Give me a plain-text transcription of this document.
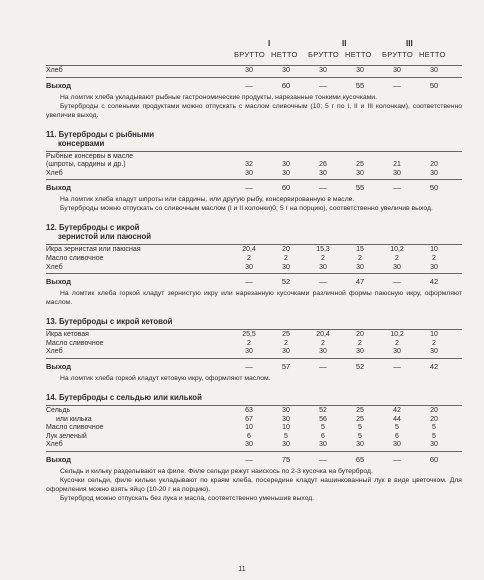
I	II	III
БРУТТО НЕТТО БРУТТО НЕТТО БРУТТО НЕТТО
Хлеб	30	30	30	30	30	30
Выход	—	60	—	55	—	50

На ломтик хлеба укладывают рыбные гастрономические продукты, нарезанные тонкими кусочками.

Бутерброды с солеными продуктами можно отпускать с маслом сливочным (10; 5 г по I, II и III колонкам), соответственно увеличив выход.

11. Бутерброды с рыбными
консервами
Рыбные консервы в масле
(шпроты, сардины и др.)	32	30	26	25	21	20
Хлеб	30	30	30	30	30	30
Выход	—	60	—	55	—	50

На ломтик хлеба кладут шпроты или сардины, или другую рыбу, консервированную в масле.

Бутерброды можно отпускать со сливочным маслом (I и II колонки)0; 5 г на порцию), соответственно увеличив выход.

12. Бутерброды с икрой
зернистой или паюсной
Икра зернистая или паюсная	20,4	20	15,3	15	10,2	10
Масло сливочное	2	2	2	2	2	2
Хлеб	30	30	30	30	30	30
Выход	—	52	—	47	—	42

На ломтик хлеба горкой кладут зернистую икру или нарезанную кусочками различной формы паюсную икру, оформляют маслом.

13. Бутерброды с икрой кетовой
Икра кетовая	25,5	25	20,4	20	10,2	10
Масло сливочное	2	2	2	2	2	2
Хлеб	30	30	30	30	30	30
Выход	—	57	—	52	—	42

На ломтик хлеба горкой кладут кетовую икру, оформляют маслом.

14. Бутерброды с сельдью или килькой
Сельдь	63	30	52	25	42	20
или килька	67	30	56	25	44	20
Масло сливочное	10	10	5	5	5	5
Лук зеленый	6	5	6	5	6	5
Хлеб	30	30	30	30	30	30
Выход	—	75	—	65	—	60

Сельдь и кильку разделывают на филе. Филе сельди режут наискось по 2-3 кусочка на бутерброд.

Кусочки сельди, филе кильки укладывают по краям хлеба, посередине кладут нашинкованный лук в виде цветочком. Для оформления можно взять яйцо (10-20 г на порцию).

Бутерброд можно отпускать без лука и масла, соответственно уменьшив выход.

11
